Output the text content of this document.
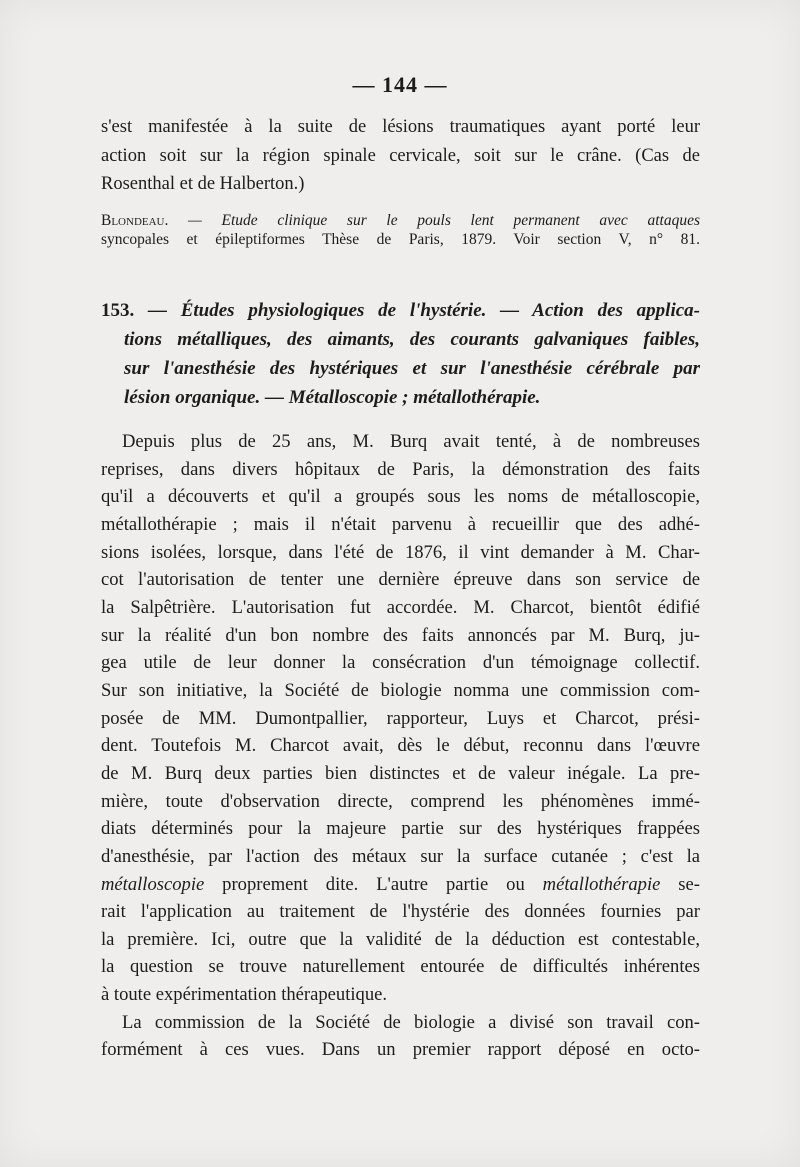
— 144 —

s'est manifestée à la suite de lésions traumatiques ayant porté leur
action soit sur la région spinale cervicale, soit sur le crâne. (Cas de
Rosenthal et de Halberton.)

Blondeau. — Etude clinique sur le pouls lent permanent avec attaques
syncopales et épileptiformes Thèse de Paris, 1879. Voir section V, n° 81.

153. — Études physiologiques de l'hystérie. — Action des applica-
tions métalliques, des aimants, des courants galvaniques faibles,
sur l'anesthésie des hystériques et sur l'anesthésie cérébrale par
lésion organique. — Métalloscopie ; métallothérapie.

Depuis plus de 25 ans, M. Burq avait tenté, à de nombreuses
reprises, dans divers hôpitaux de Paris, la démonstration des faits
qu'il a découverts et qu'il a groupés sous les noms de métalloscopie,
métallothérapie ; mais il n'était parvenu à recueillir que des adhé-
sions isolées, lorsque, dans l'été de 1876, il vint demander à M. Char-
cot l'autorisation de tenter une dernière épreuve dans son service de
la Salpêtrière. L'autorisation fut accordée. M. Charcot, bientôt édifié
sur la réalité d'un bon nombre des faits annoncés par M. Burq, ju-
gea utile de leur donner la consécration d'un témoignage collectif.
Sur son initiative, la Société de biologie nomma une commission com-
posée de MM. Dumontpallier, rapporteur, Luys et Charcot, prési-
dent. Toutefois M. Charcot avait, dès le début, reconnu dans l'œuvre
de M. Burq deux parties bien distinctes et de valeur inégale. La pre-
mière, toute d'observation directe, comprend les phénomènes immé-
diats déterminés pour la majeure partie sur des hystériques frappées
d'anesthésie, par l'action des métaux sur la surface cutanée ; c'est la
métalloscopie proprement dite. L'autre partie ou métallothérapie se-
rait l'application au traitement de l'hystérie des données fournies par
la première. Ici, outre que la validité de la déduction est contestable,
la question se trouve naturellement entourée de difficultés inhérentes
à toute expérimentation thérapeutique.
La commission de la Société de biologie a divisé son travail con-
formément à ces vues. Dans un premier rapport déposé en octo-
